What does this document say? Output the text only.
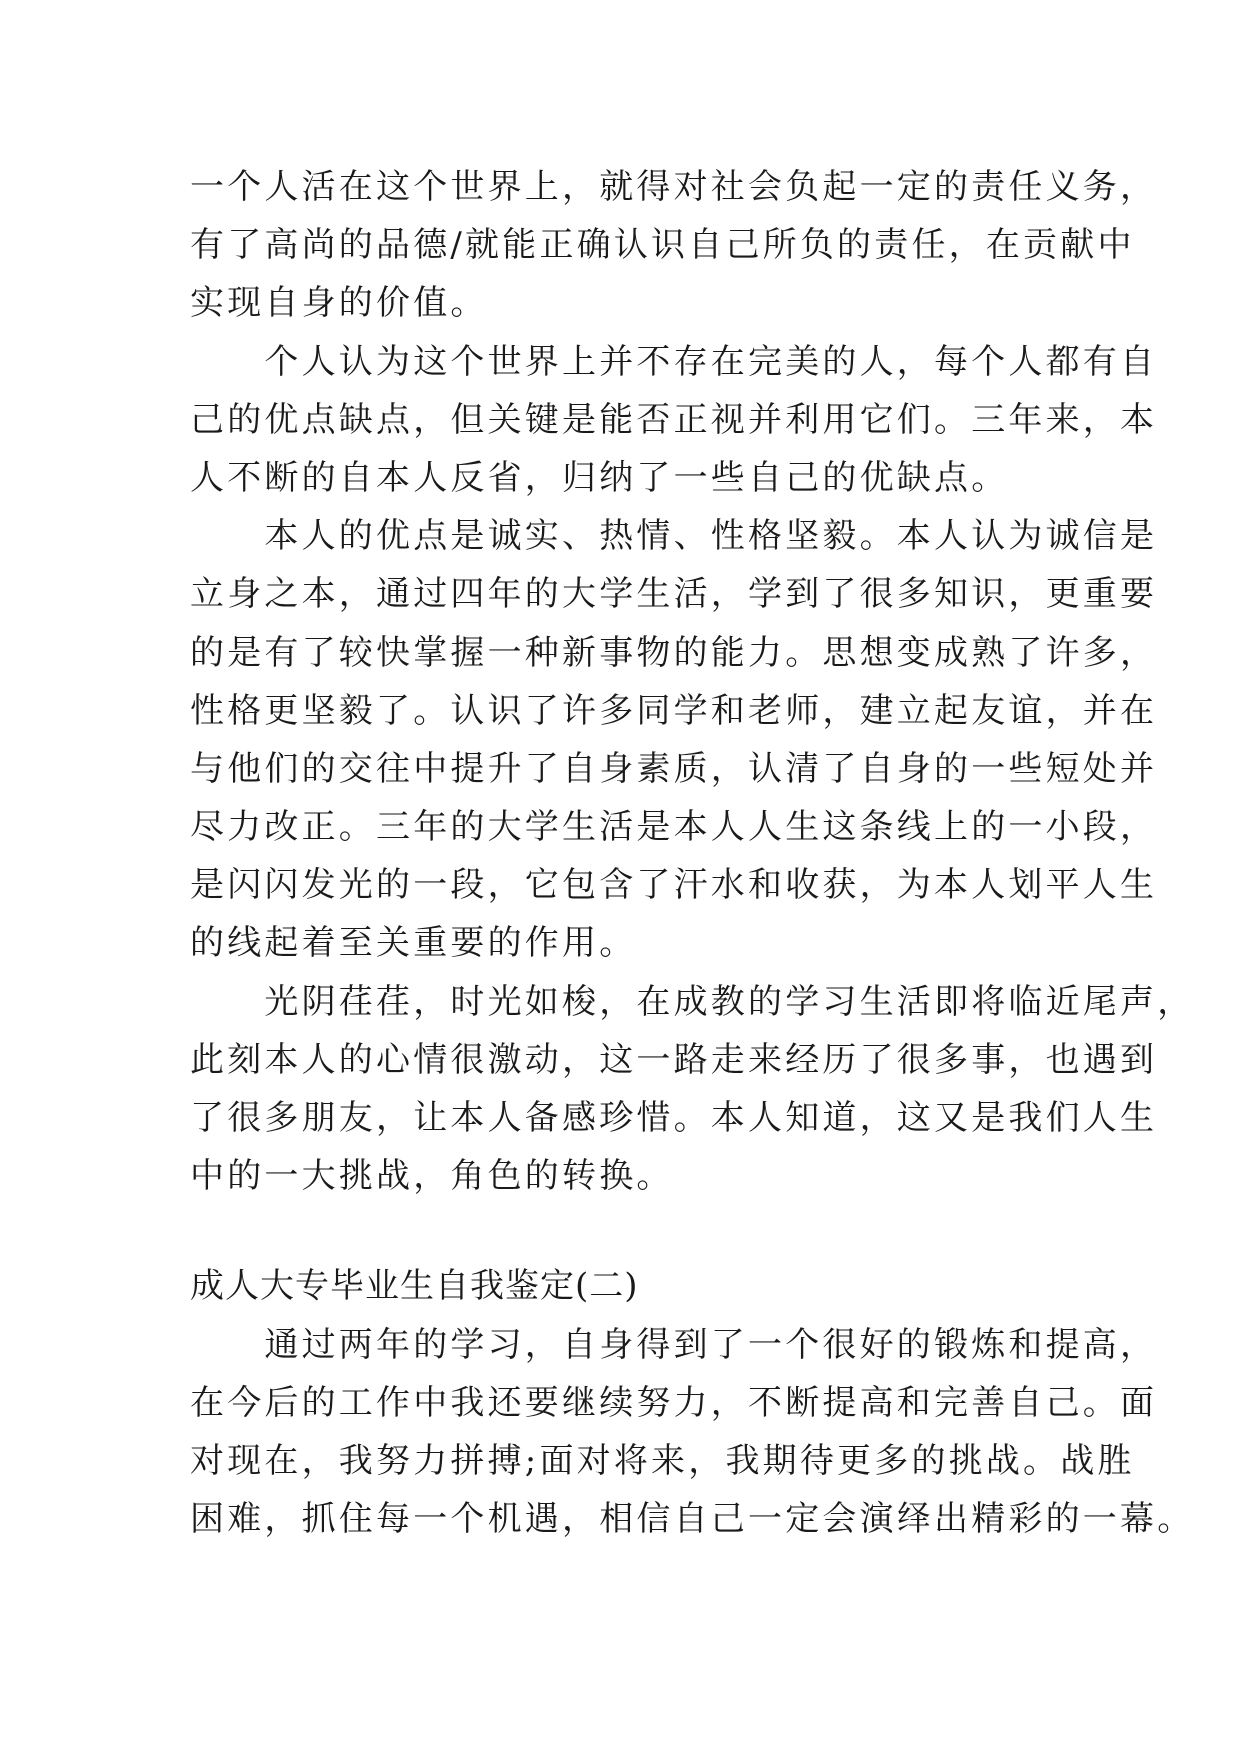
一个人活在这个世界上，就得对社会负起一定的责任义务，
有了高尚的品德/就能正确认识自己所负的责任，在贡献中
实现自身的价值。
　　个人认为这个世界上并不存在完美的人，每个人都有自
己的优点缺点，但关键是能否正视并利用它们。三年来，本
人不断的自本人反省，归纳了一些自己的优缺点。
　　本人的优点是诚实、热情、性格坚毅。本人认为诚信是
立身之本，通过四年的大学生活，学到了很多知识，更重要
的是有了较快掌握一种新事物的能力。思想变成熟了许多，
性格更坚毅了。认识了许多同学和老师，建立起友谊，并在
与他们的交往中提升了自身素质，认清了自身的一些短处并
尽力改正。三年的大学生活是本人人生这条线上的一小段，
是闪闪发光的一段，它包含了汗水和收获，为本人划平人生
的线起着至关重要的作用。
　　光阴荏荏，时光如梭，在成教的学习生活即将临近尾声，
此刻本人的心情很激动，这一路走来经历了很多事，也遇到
了很多朋友，让本人备感珍惜。本人知道，这又是我们人生
中的一大挑战，角色的转换。
成人大专毕业生自我鉴定(二)
　　通过两年的学习，自身得到了一个很好的锻炼和提高，
在今后的工作中我还要继续努力，不断提高和完善自己。面
对现在，我努力拼搏;面对将来，我期待更多的挑战。战胜
困难，抓住每一个机遇，相信自己一定会演绎出精彩的一幕。
